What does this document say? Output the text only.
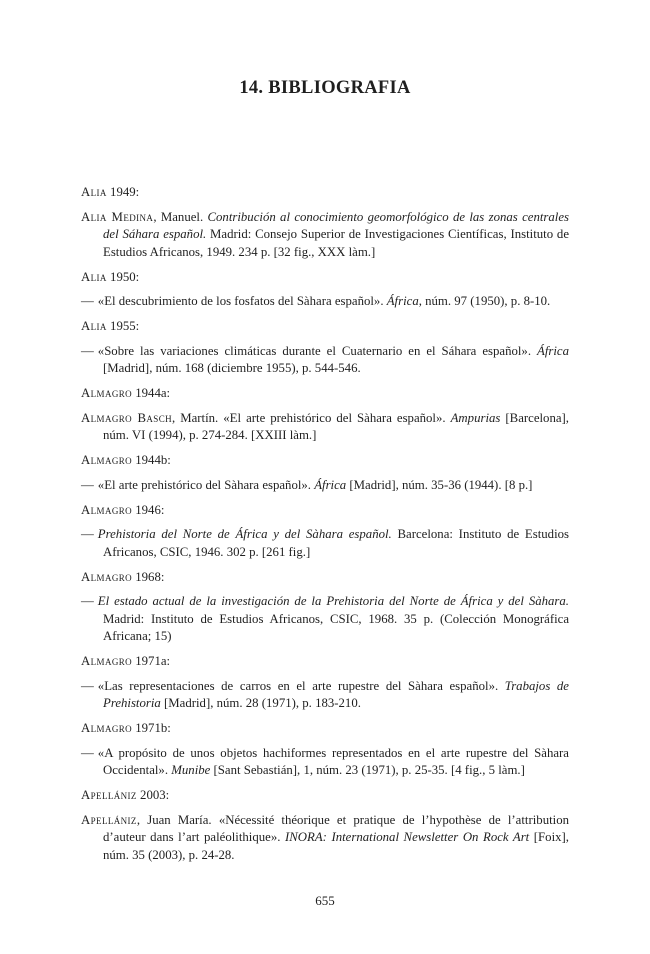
14. BIBLIOGRAFIA

Alia 1949:

Alia Medina, Manuel. Contribución al conocimiento geomorfológico de las zonas centrales del Sáhara español. Madrid: Consejo Superior de Investigaciones Científicas, Instituto de Estudios Africanos, 1949. 234 p. [32 fig., XXX làm.]

Alia 1950:

— «El descubrimiento de los fosfatos del Sàhara español». África, núm. 97 (1950), p. 8-10.

Alia 1955:

— «Sobre las variaciones climáticas durante el Cuaternario en el Sáhara español». África [Madrid], núm. 168 (diciembre 1955), p. 544-546.

Almagro 1944a:

Almagro Basch, Martín. «El arte prehistórico del Sàhara español». Ampurias [Barcelona], núm. VI (1994), p. 274-284. [XXIII làm.]

Almagro 1944b:

— «El arte prehistórico del Sàhara español». África [Madrid], núm. 35-36 (1944). [8 p.]

Almagro 1946:

— Prehistoria del Norte de África y del Sàhara español. Barcelona: Instituto de Estudios Africanos, CSIC, 1946. 302 p. [261 fig.]

Almagro 1968:

— El estado actual de la investigación de la Prehistoria del Norte de África y del Sàhara. Madrid: Instituto de Estudios Africanos, CSIC, 1968. 35 p. (Colección Monográfica Africana; 15)

Almagro 1971a:

— «Las representaciones de carros en el arte rupestre del Sàhara español». Trabajos de Prehistoria [Madrid], núm. 28 (1971), p. 183-210.

Almagro 1971b:

— «A propósito de unos objetos hachiformes representados en el arte rupestre del Sàhara Occidental». Munibe [Sant Sebastián], 1, núm. 23 (1971), p. 25-35. [4 fig., 5 làm.]

Apellániz 2003:

Apellániz, Juan María. «Nécessité théorique et pratique de l’hypothèse de l’attribution d’auteur dans l’art paléolithique». INORA: International Newsletter On Rock Art [Foix], núm. 35 (2003), p. 24-28.

655
